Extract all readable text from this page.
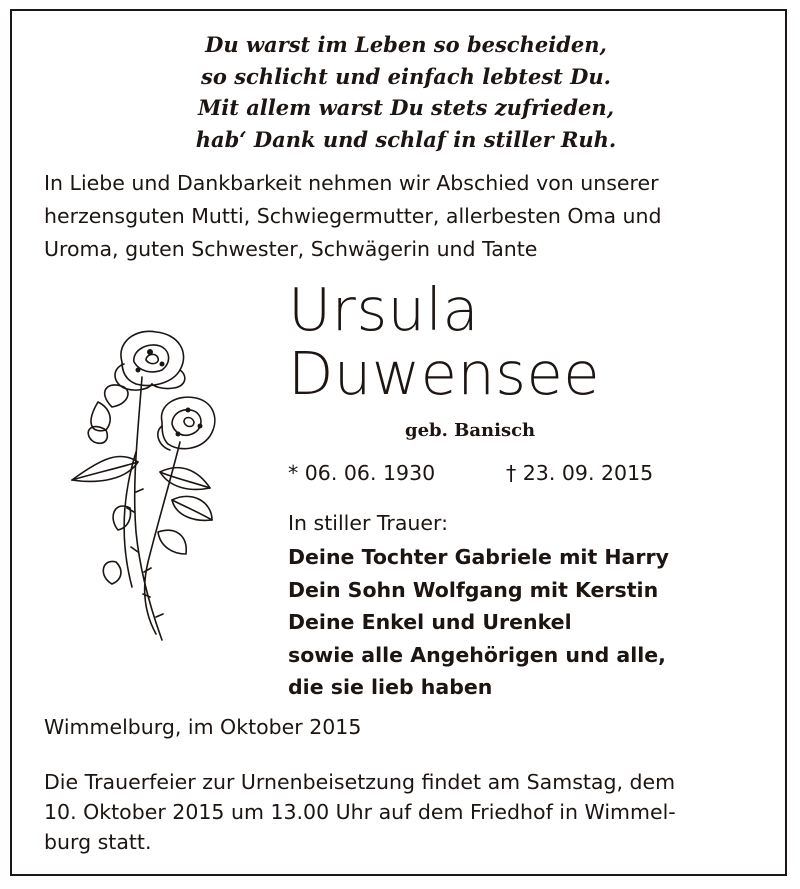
Du warst im Leben so bescheiden,
so schlicht und einfach lebtest Du.
Mit allem warst Du stets zufrieden,
hab‘ Dank und schlaf in stiller Ruh.
In Liebe und Dankbarkeit nehmen wir Abschied von unserer
herzensguten Mutti, Schwiegermutter, allerbesten Oma und
Uroma, guten Schwester, Schwägerin und Tante
Ursula
Duwensee
geb. Banisch
* 06. 06. 1930	† 23. 09. 2015
In stiller Trauer:
Deine Tochter Gabriele mit Harry
Dein Sohn Wolfgang mit Kerstin
Deine Enkel und Urenkel
sowie alle Angehörigen und alle,
die sie lieb haben
Wimmelburg, im Oktober 2015
Die Trauerfeier zur Urnenbeisetzung findet am Samstag, dem
10. Oktober 2015 um 13.00 Uhr auf dem Friedhof in Wimmel-
burg statt.
